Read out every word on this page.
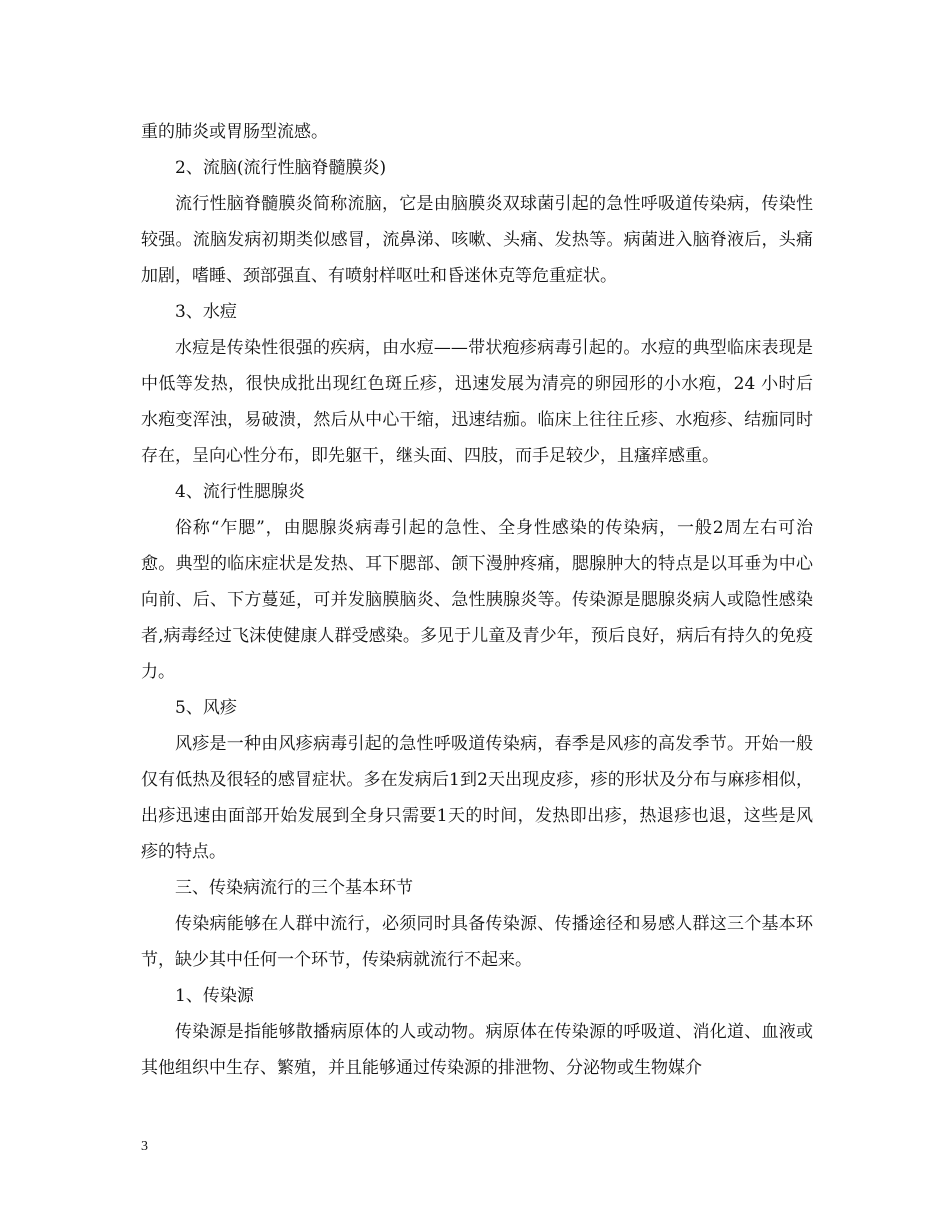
重的肺炎或胃肠型流感。

2、流脑(流行性脑脊髓膜炎)

流行性脑脊髓膜炎简称流脑，它是由脑膜炎双球菌引起的急性呼吸道传染病，传染性较强。流脑发病初期类似感冒，流鼻涕、咳嗽、头痛、发热等。病菌进入脑脊液后，头痛加剧，嗜睡、颈部强直、有喷射样呕吐和昏迷休克等危重症状。

3、水痘

水痘是传染性很强的疾病，由水痘——带状疱疹病毒引起的。水痘的典型临床表现是中低等发热，很快成批出现红色斑丘疹，迅速发展为清亮的卵园形的小水疱，24 小时后水疱变浑浊，易破溃，然后从中心干缩，迅速结痂。临床上往往丘疹、水疱疹、结痂同时存在，呈向心性分布，即先躯干，继头面、四肢，而手足较少，且瘙痒感重。

4、流行性腮腺炎

俗称“乍腮”，由腮腺炎病毒引起的急性、全身性感染的传染病，一般2周左右可治愈。典型的临床症状是发热、耳下腮部、颌下漫肿疼痛，腮腺肿大的特点是以耳垂为中心向前、后、下方蔓延，可并发脑膜脑炎、急性胰腺炎等。传染源是腮腺炎病人或隐性感染者,病毒经过飞沫使健康人群受感染。多见于儿童及青少年，预后良好，病后有持久的免疫力。

5、风疹

风疹是一种由风疹病毒引起的急性呼吸道传染病，春季是风疹的高发季节。开始一般仅有低热及很轻的感冒症状。多在发病后1到2天出现皮疹，疹的形状及分布与麻疹相似，出疹迅速由面部开始发展到全身只需要1天的时间，发热即出疹，热退疹也退，这些是风疹的特点。

三、传染病流行的三个基本环节

传染病能够在人群中流行，必须同时具备传染源、传播途径和易感人群这三个基本环节，缺少其中任何一个环节，传染病就流行不起来。

1、传染源

传染源是指能够散播病原体的人或动物。病原体在传染源的呼吸道、消化道、血液或其他组织中生存、繁殖，并且能够通过传染源的排泄物、分泌物或生物媒介

3
